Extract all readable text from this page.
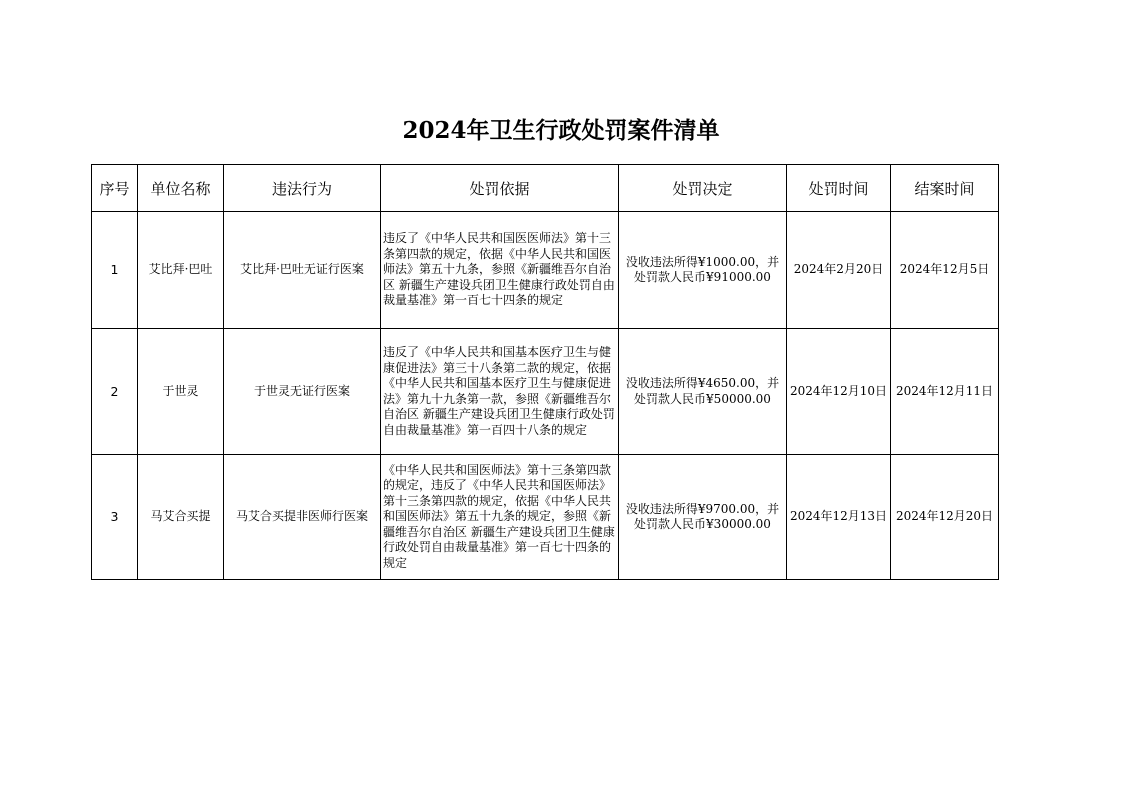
2024年卫生行政处罚案件清单
序号	单位名称	违法行为	处罚依据	处罚决定	处罚时间	结案时间
1	艾比拜·巴吐	艾比拜·巴吐无证行医案	违反了《中华人民共和国医医师法》第十三条第四款的规定，依据《中华人民共和国医师法》第五十九条，参照《新疆维吾尔自治区 新疆生产建设兵团卫生健康行政处罚自由裁量基准》第一百七十四条的规定	没收违法所得¥1000.00，并处罚款人民币¥91000.00	2024年2月20日	2024年12月5日
2	于世灵	于世灵无证行医案	违反了《中华人民共和国基本医疗卫生与健康促进法》第三十八条第二款的规定，依据《中华人民共和国基本医疗卫生与健康促进法》第九十九条第一款，参照《新疆维吾尔自治区 新疆生产建设兵团卫生健康行政处罚自由裁量基准》第一百四十八条的规定	没收违法所得¥4650.00，并处罚款人民币¥50000.00	2024年12月10日	2024年12月11日
3	马艾合买提	马艾合买提非医师行医案	《中华人民共和国医师法》第十三条第四款的规定，违反了《中华人民共和国医师法》第十三条第四款的规定，依据《中华人民共和国医师法》第五十九条的规定，参照《新疆维吾尔自治区 新疆生产建设兵团卫生健康行政处罚自由裁量基准》第一百七十四条的规定	没收违法所得¥9700.00，并处罚款人民币¥30000.00	2024年12月13日	2024年12月20日
